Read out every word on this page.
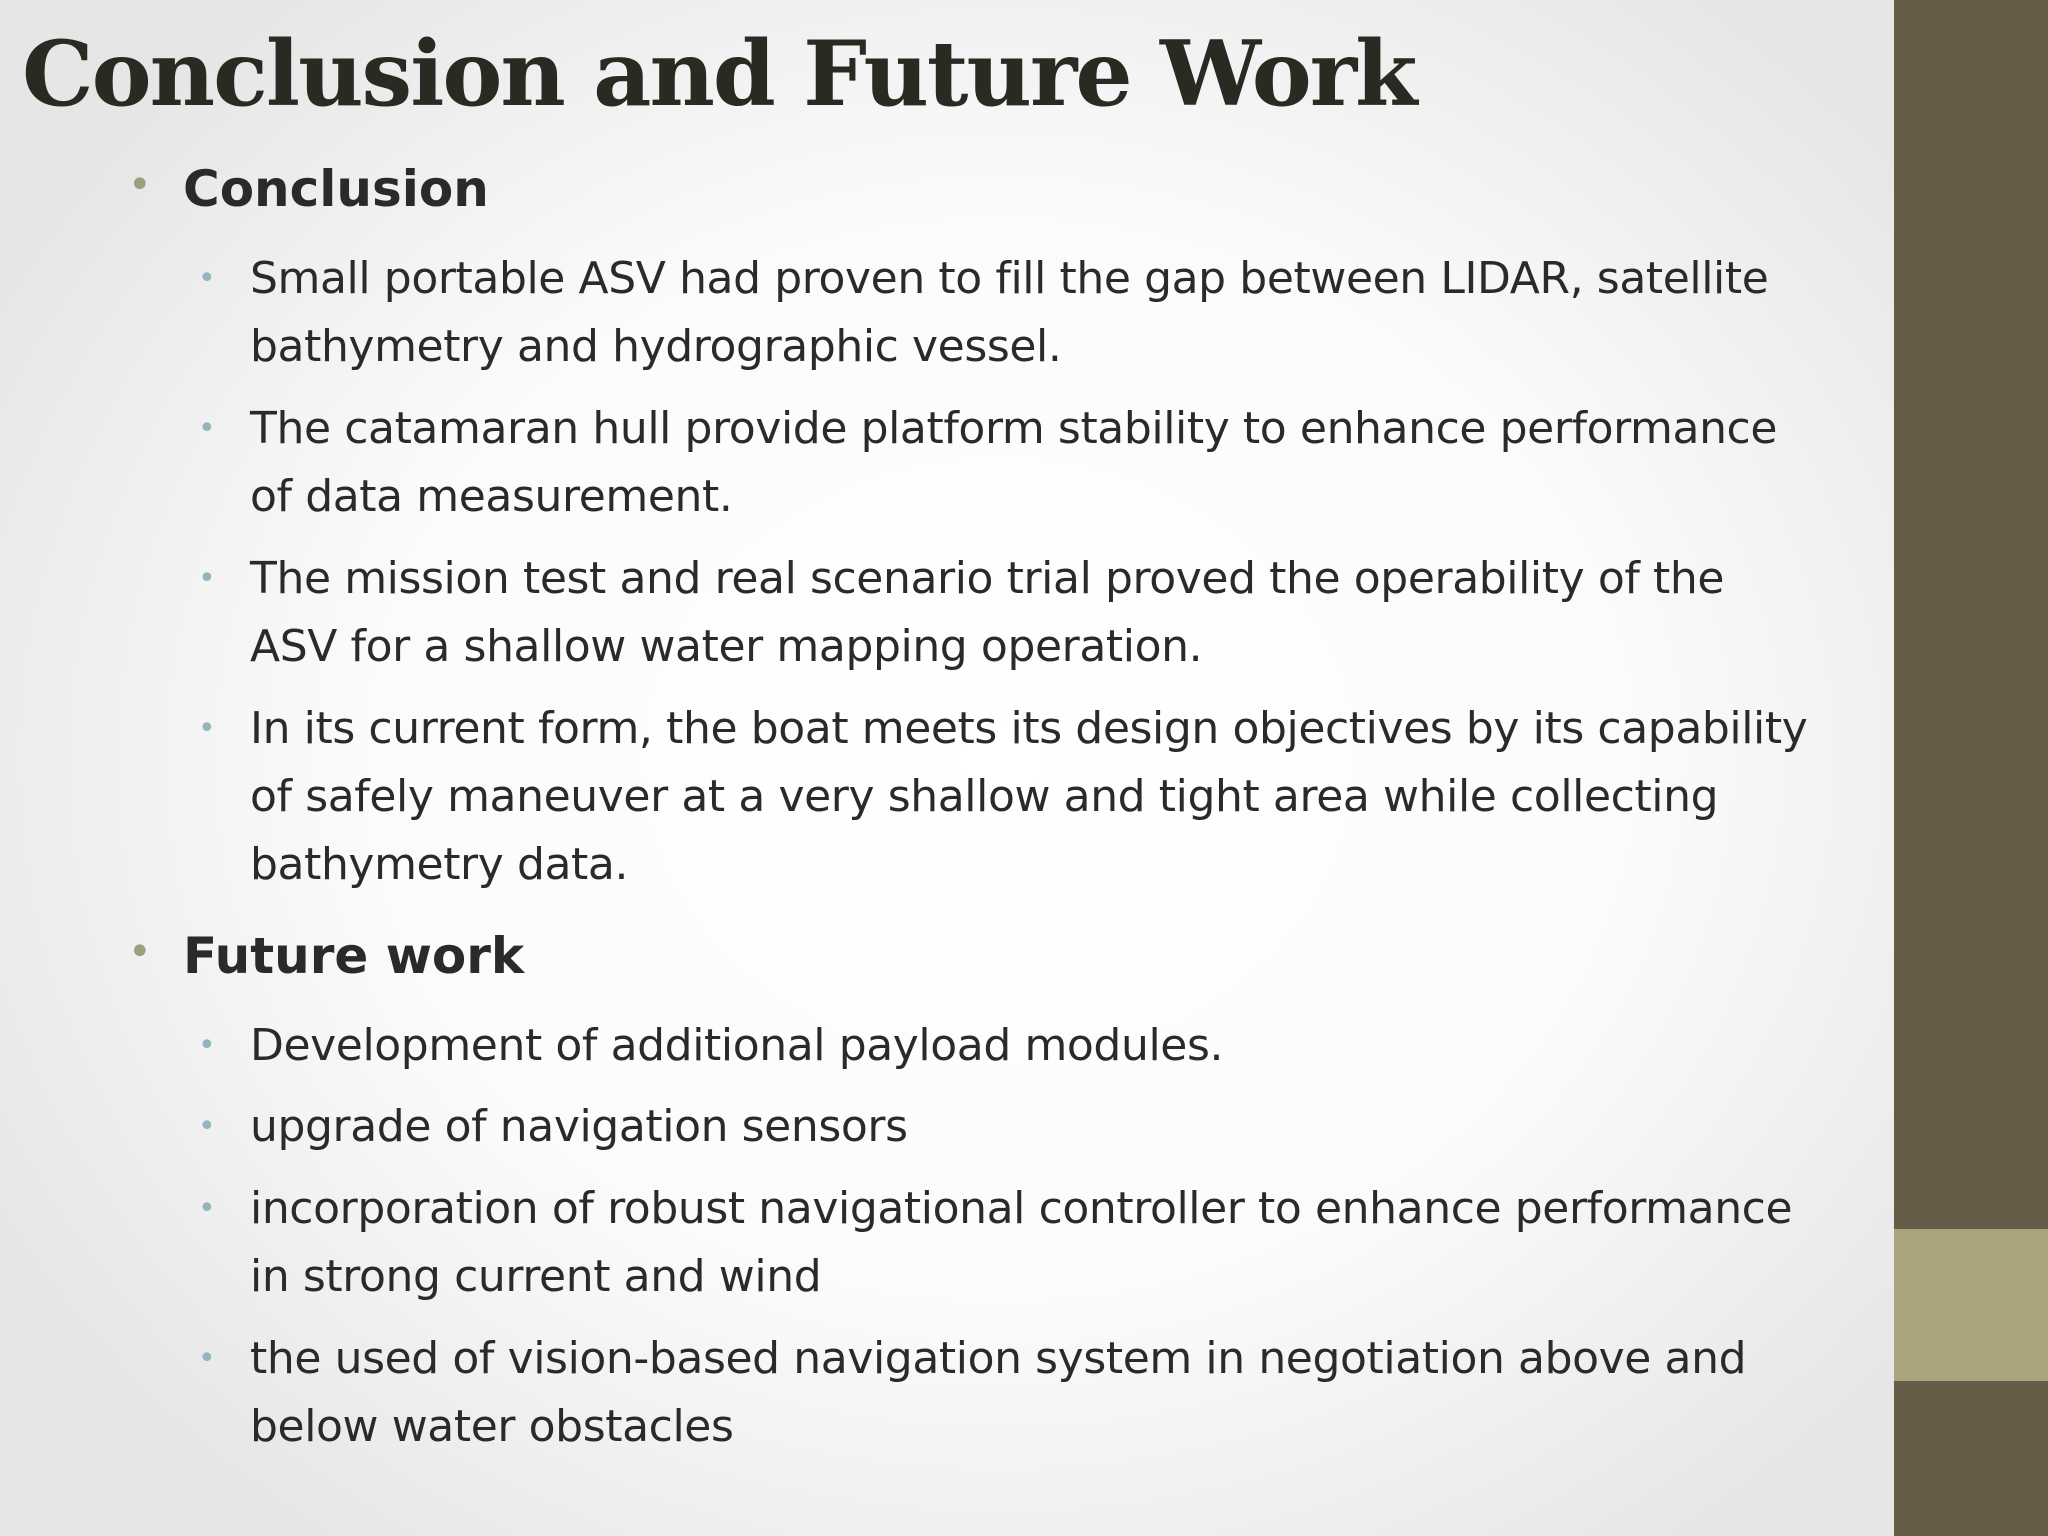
Conclusion and Future Work
• Conclusion
• Small portable ASV had proven to fill the gap between LIDAR, satellite bathymetry and hydrographic vessel.

• The catamaran hull provide platform stability to enhance performance of data measurement.

• The mission test and real scenario trial proved the operability of the ASV for a shallow water mapping operation.

• In its current form, the boat meets its design objectives by its capability of safely maneuver at a very shallow and tight area while collecting bathymetry data.

• Future work
• Development of additional payload modules.

• upgrade of navigation sensors

• incorporation of robust navigational controller to enhance performance in strong current and wind

• the used of vision-based navigation system in negotiation above and below water obstacles
